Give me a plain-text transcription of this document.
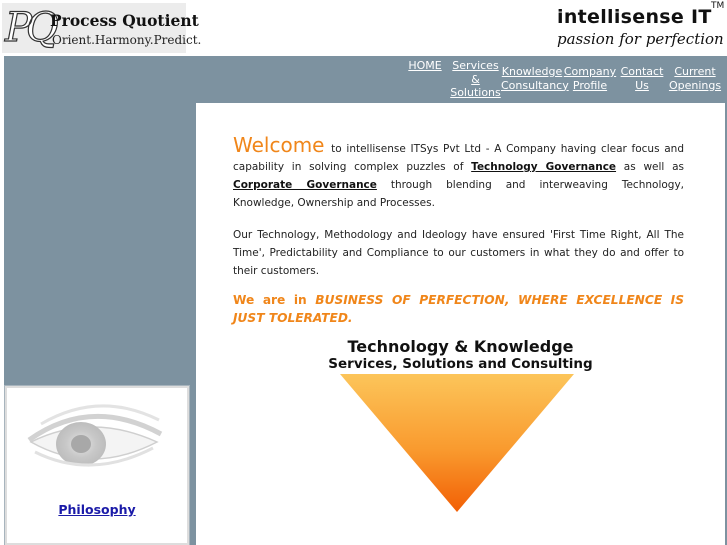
PQ
Process Quotient
Orient.Harmony.Predict.
intellisense IT TM
passion for perfection
HOME Services
&
Solutions
Knowledge
Consultancy
Company
Profile
Contact
Us
Current
Openings
Philosophy

Welcome to intellisense ITSys Pvt Ltd - A Company having clear focus and capability in solving complex puzzles of Technology Governance as well as Corporate Governance through blending and interweaving Technology, Knowledge, Ownership and Processes.

Our Technology, Methodology and Ideology have ensured 'First Time Right, All The Time', Predictability and Compliance to our customers in what they do and offer to their customers.

We are in BUSINESS OF PERFECTION, WHERE EXCELLENCE IS JUST TOLERATED.

Technology & Knowledge
Services, Solutions and Consulting
